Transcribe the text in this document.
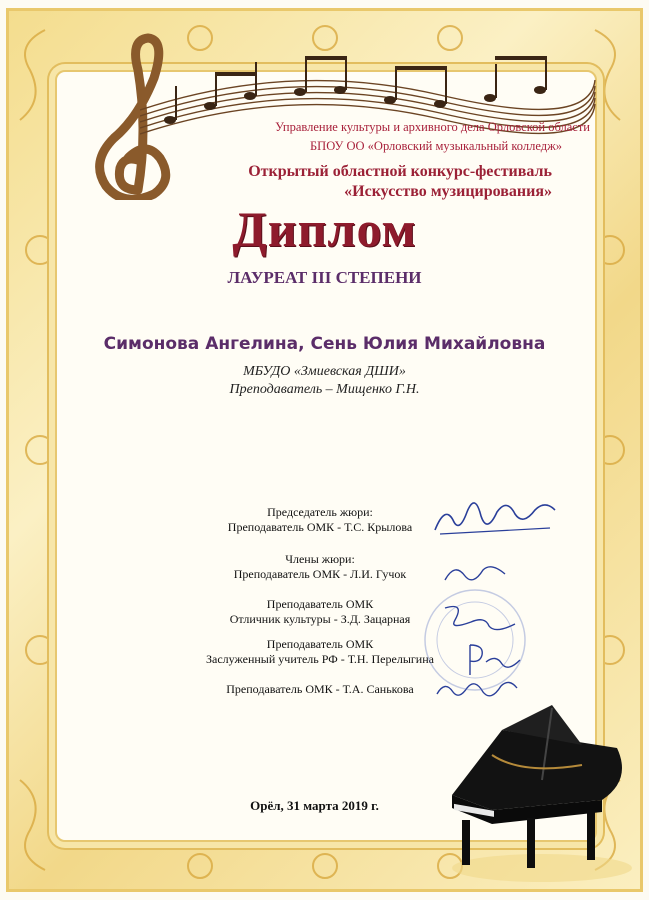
Управление культуры и архивного дела Орловской области
БПОУ ОО «Орловский музыкальный колледж»
Открытый областной конкурс-фестиваль
«Искусство музицирования»
Диплом
ЛАУРЕАТ III СТЕПЕНИ
Симонова Ангелина, Сень Юлия Михайловна
МБУДО «Змиевская ДШИ»
Преподаватель – Мищенко Г.Н.
Председатель жюри:
Преподаватель ОМК - Т.С. Крылова
Члены жюри:
Преподаватель ОМК - Л.И. Гучок
Преподаватель ОМК
Отличник культуры - З.Д. Зацарная
Преподаватель ОМК
Заслуженный учитель РФ - Т.Н. Перелыгина
Преподаватель ОМК - Т.А. Санькова
Орёл, 31 марта 2019 г.
